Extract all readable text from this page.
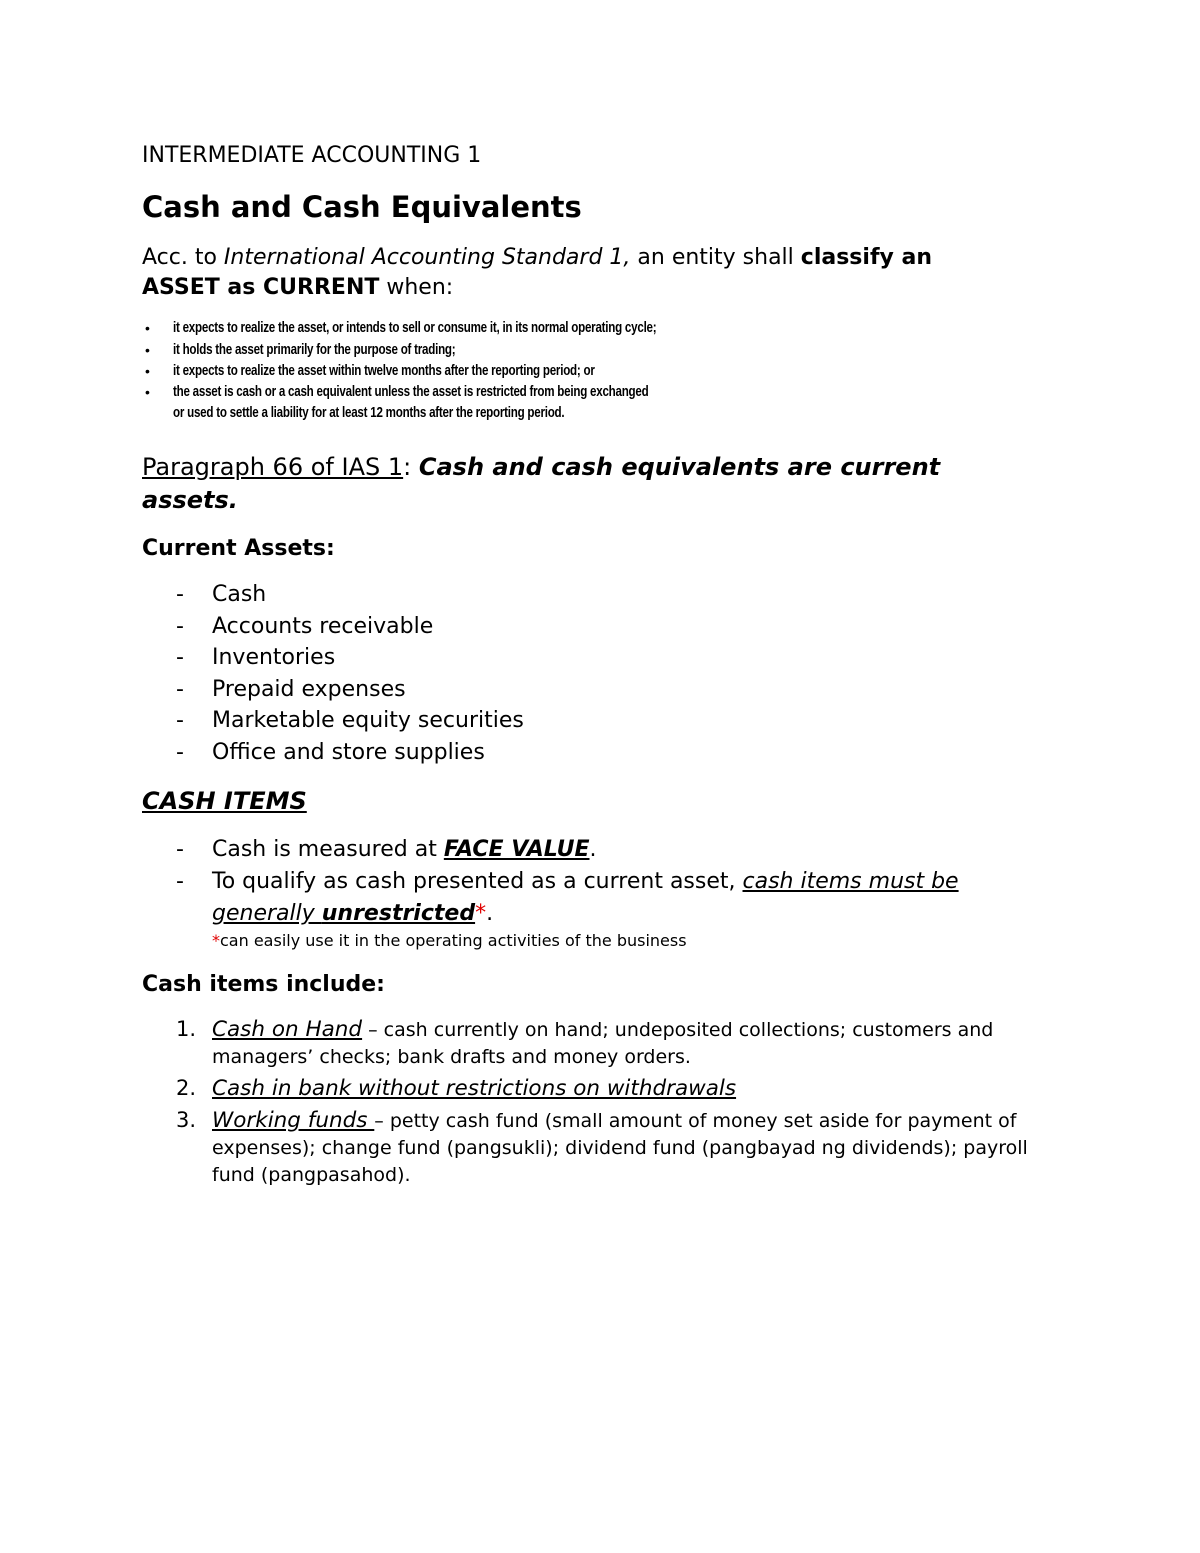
INTERMEDIATE ACCOUNTING 1
Cash and Cash Equivalents
Acc. to International Accounting Standard 1, an entity shall classify an
ASSET as CURRENT when:
• it expects to realize the asset, or intends to sell or consume it, in its normal operating cycle;
• it holds the asset primarily for the purpose of trading;
• it expects to realize the asset within twelve months after the reporting period; or
• the asset is cash or a cash equivalent unless the asset is restricted from being exchanged
or used to settle a liability for at least 12 months after the reporting period.
Paragraph 66 of IAS 1: Cash and cash equivalents are current assets.
Current Assets:
- Cash
- Accounts receivable
- Inventories
- Prepaid expenses
- Marketable equity securities
- Office and store supplies
CASH ITEMS
- Cash is measured at FACE VALUE.
- To qualify as cash presented as a current asset, cash items must be generally unrestricted*.
*can easily use it in the operating activities of the business
Cash items include:
1. Cash on Hand – cash currently on hand; undeposited collections; customers and managers’ checks; bank drafts and money orders.
2. Cash in bank without restrictions on withdrawals
3. Working funds – petty cash fund (small amount of money set aside for payment of expenses); change fund (pangsukli); dividend fund (pangbayad ng dividends); payroll fund (pangpasahod).
